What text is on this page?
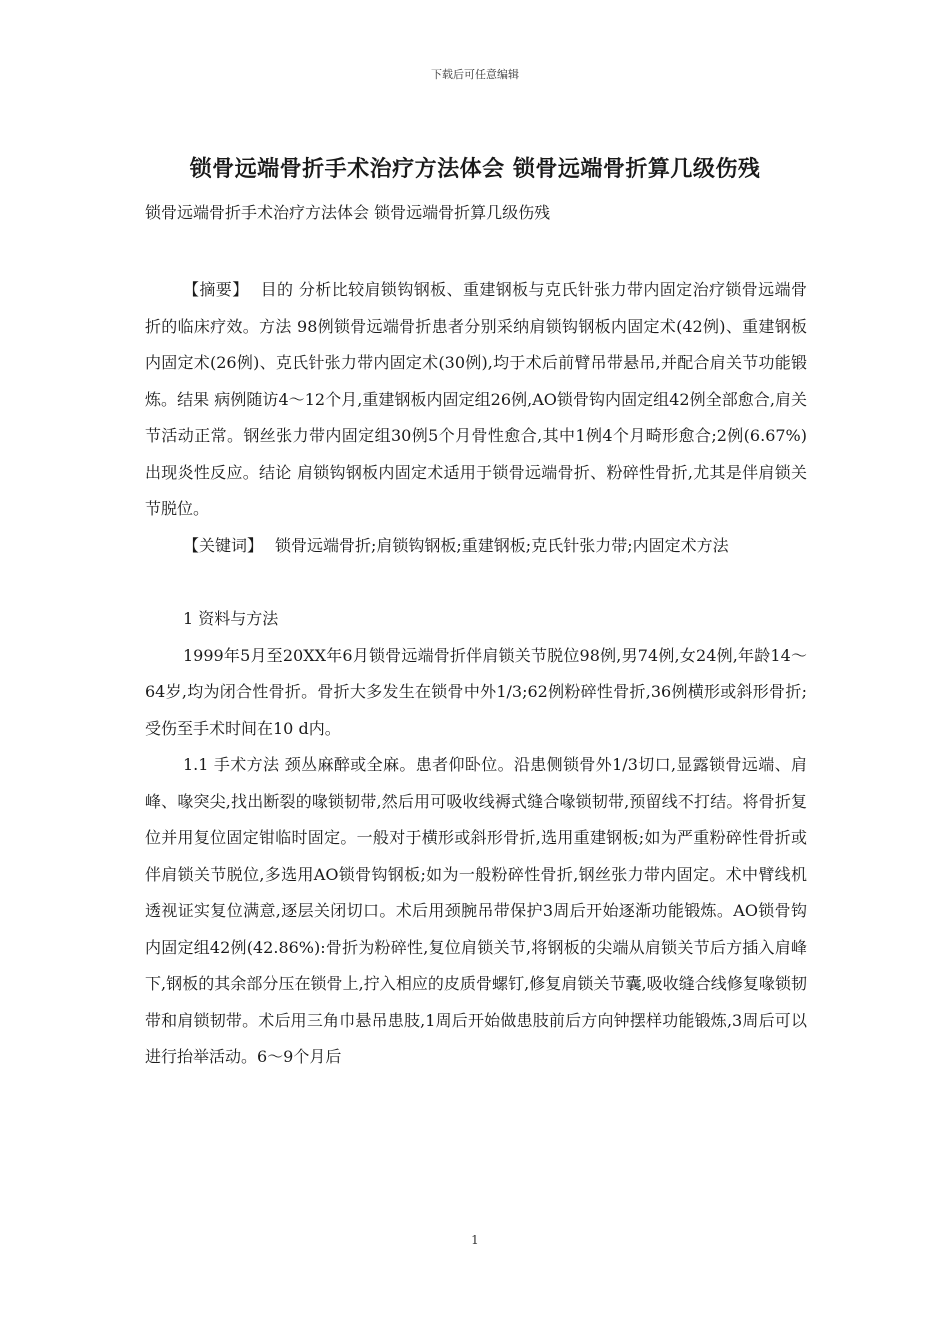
下载后可任意编辑
锁骨远端骨折手术治疗方法体会 锁骨远端骨折算几级伤残
锁骨远端骨折手术治疗方法体会 锁骨远端骨折算几级伤残

【摘要】 目的 分析比较肩锁钩钢板、重建钢板与克氏针张力带内固定治疗锁骨远端骨折的临床疗效。方法 98例锁骨远端骨折患者分别采纳肩锁钩钢板内固定术(42例)、重建钢板内固定术(26例)、克氏针张力带内固定术(30例),均于术后前臂吊带悬吊,并配合肩关节功能锻炼。结果 病例随访4～12个月,重建钢板内固定组26例,AO锁骨钩内固定组42例全部愈合,肩关节活动正常。钢丝张力带内固定组30例5个月骨性愈合,其中1例4个月畸形愈合;2例(6.67%)出现炎性反应。结论 肩锁钩钢板内固定术适用于锁骨远端骨折、粉碎性骨折,尤其是伴肩锁关节脱位。

【关键词】 锁骨远端骨折;肩锁钩钢板;重建钢板;克氏针张力带;内固定术方法

1 资料与方法

1999年5月至20XX年6月锁骨远端骨折伴肩锁关节脱位98例,男74例,女24例,年龄14～64岁,均为闭合性骨折。骨折大多发生在锁骨中外1/3;62例粉碎性骨折,36例横形或斜形骨折;受伤至手术时间在10 d内。

1.1 手术方法 颈丛麻醉或全麻。患者仰卧位。沿患侧锁骨外1/3切口,显露锁骨远端、肩峰、喙突尖,找出断裂的喙锁韧带,然后用可吸收线褥式缝合喙锁韧带,预留线不打结。将骨折复位并用复位固定钳临时固定。一般对于横形或斜形骨折,选用重建钢板;如为严重粉碎性骨折或伴肩锁关节脱位,多选用AO锁骨钩钢板;如为一般粉碎性骨折,钢丝张力带内固定。术中臂线机透视证实复位满意,逐层关闭切口。术后用颈腕吊带保护3周后开始逐渐功能锻炼。AO锁骨钩内固定组42例(42.86%):骨折为粉碎性,复位肩锁关节,将钢板的尖端从肩锁关节后方插入肩峰下,钢板的其余部分压在锁骨上,拧入相应的皮质骨螺钉,修复肩锁关节囊,吸收缝合线修复喙锁韧带和肩锁韧带。术后用三角巾悬吊患肢,1周后开始做患肢前后方向钟摆样功能锻炼,3周后可以进行抬举活动。6～9个月后

1
